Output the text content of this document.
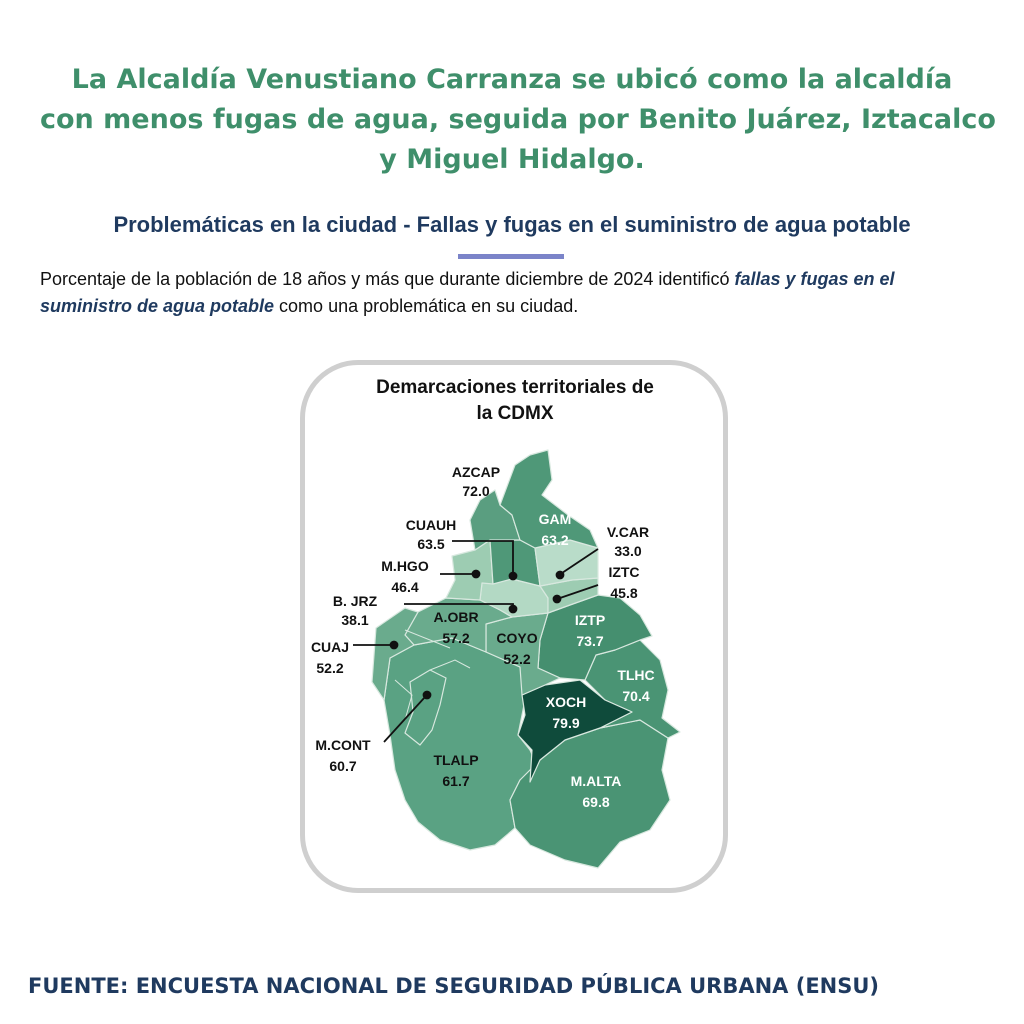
La Alcaldía Venustiano Carranza se ubicó como la alcaldía
con menos fugas de agua, seguida por Benito Juárez, Iztacalco
y Miguel Hidalgo.
Problemáticas en la ciudad - Fallas y fugas en el suministro de agua potable
Porcentaje de la población de 18 años y más que durante diciembre de 2024 identificó fallas y fugas en el suministro de agua potable como una problemática en su ciudad.
Demarcaciones territoriales de
la CDMX
AZCAP
72.0
GAM
63.2
CUAUH
63.5
V.CAR
33.0
M.HGO
46.4
IZTC
45.8
B. JRZ
38.1	A.OBR
57.2
IZTP
73.7
COYO
52.2
CUAJ
52.2	TLHC
70.4
XOCH
79.9
M.CONT
60.7	TLALP
61.7	M.ALTA
69.8
FUENTE: ENCUESTA NACIONAL DE SEGURIDAD PÚBLICA URBANA (ENSU)
